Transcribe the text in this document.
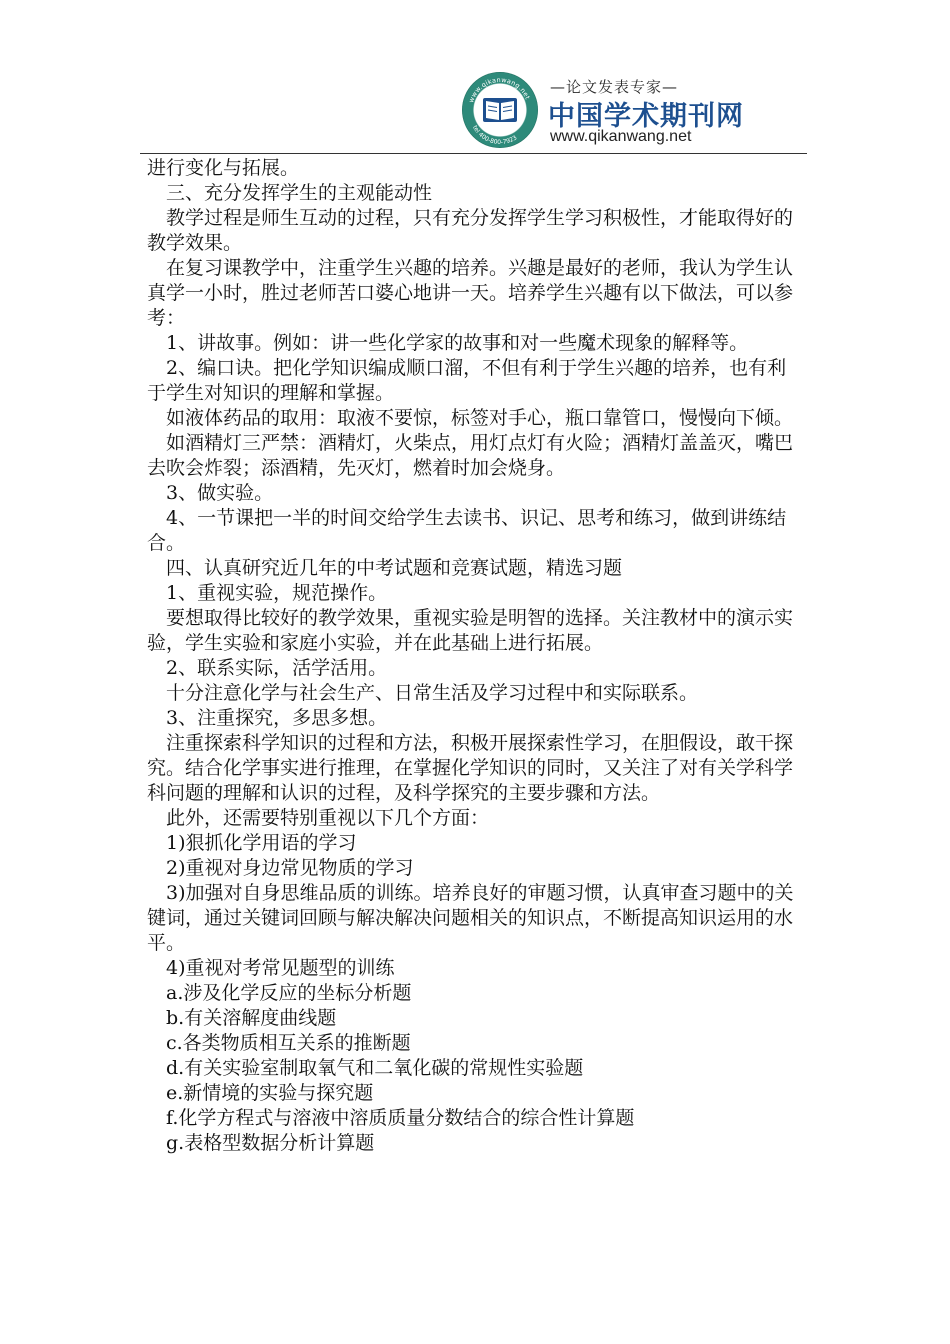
www.qikanwang.net
tel 400-800-7923
—论文发表专家—
中国学术期刊网
www.qikanwang.net

进行变化与拓展。

三、充分发挥学生的主观能动性

教学过程是师生互动的过程，只有充分发挥学生学习积极性，才能取得好的教学效果。

在复习课教学中，注重学生兴趣的培养。兴趣是最好的老师，我认为学生认真学一小时，胜过老师苦口婆心地讲一天。培养学生兴趣有以下做法，可以参考：

1、讲故事。例如：讲一些化学家的故事和对一些魔术现象的解释等。

2、编口诀。把化学知识编成顺口溜，不但有利于学生兴趣的培养，也有利于学生对知识的理解和掌握。

如液体药品的取用：取液不要惊，标签对手心，瓶口靠管口，慢慢向下倾。

如酒精灯三严禁：酒精灯，火柴点，用灯点灯有火险；酒精灯盖盖灭，嘴巴去吹会炸裂；添酒精，先灭灯，燃着时加会烧身。

3、做实验。

4、一节课把一半的时间交给学生去读书、识记、思考和练习，做到讲练结合。

四、认真研究近几年的中考试题和竞赛试题，精选习题

1、重视实验，规范操作。

要想取得比较好的教学效果，重视实验是明智的选择。关注教材中的演示实验，学生实验和家庭小实验，并在此基础上进行拓展。

2、联系实际，活学活用。

十分注意化学与社会生产、日常生活及学习过程中和实际联系。

3、注重探究，多思多想。

注重探索科学知识的过程和方法，积极开展探索性学习，在胆假设，敢干探究。结合化学事实进行推理，在掌握化学知识的同时，又关注了对有关学科学科问题的理解和认识的过程，及科学探究的主要步骤和方法。

此外，还需要特别重视以下几个方面：

1)狠抓化学用语的学习

2)重视对身边常见物质的学习

3)加强对自身思维品质的训练。培养良好的审题习惯，认真审查习题中的关键词，通过关键词回顾与解决解决问题相关的知识点，不断提高知识运用的水平。

4)重视对考常见题型的训练

a.涉及化学反应的坐标分析题

b.有关溶解度曲线题

c.各类物质相互关系的推断题

d.有关实验室制取氧气和二氧化碳的常规性实验题

e.新情境的实验与探究题

f.化学方程式与溶液中溶质质量分数结合的综合性计算题

g.表格型数据分析计算题
